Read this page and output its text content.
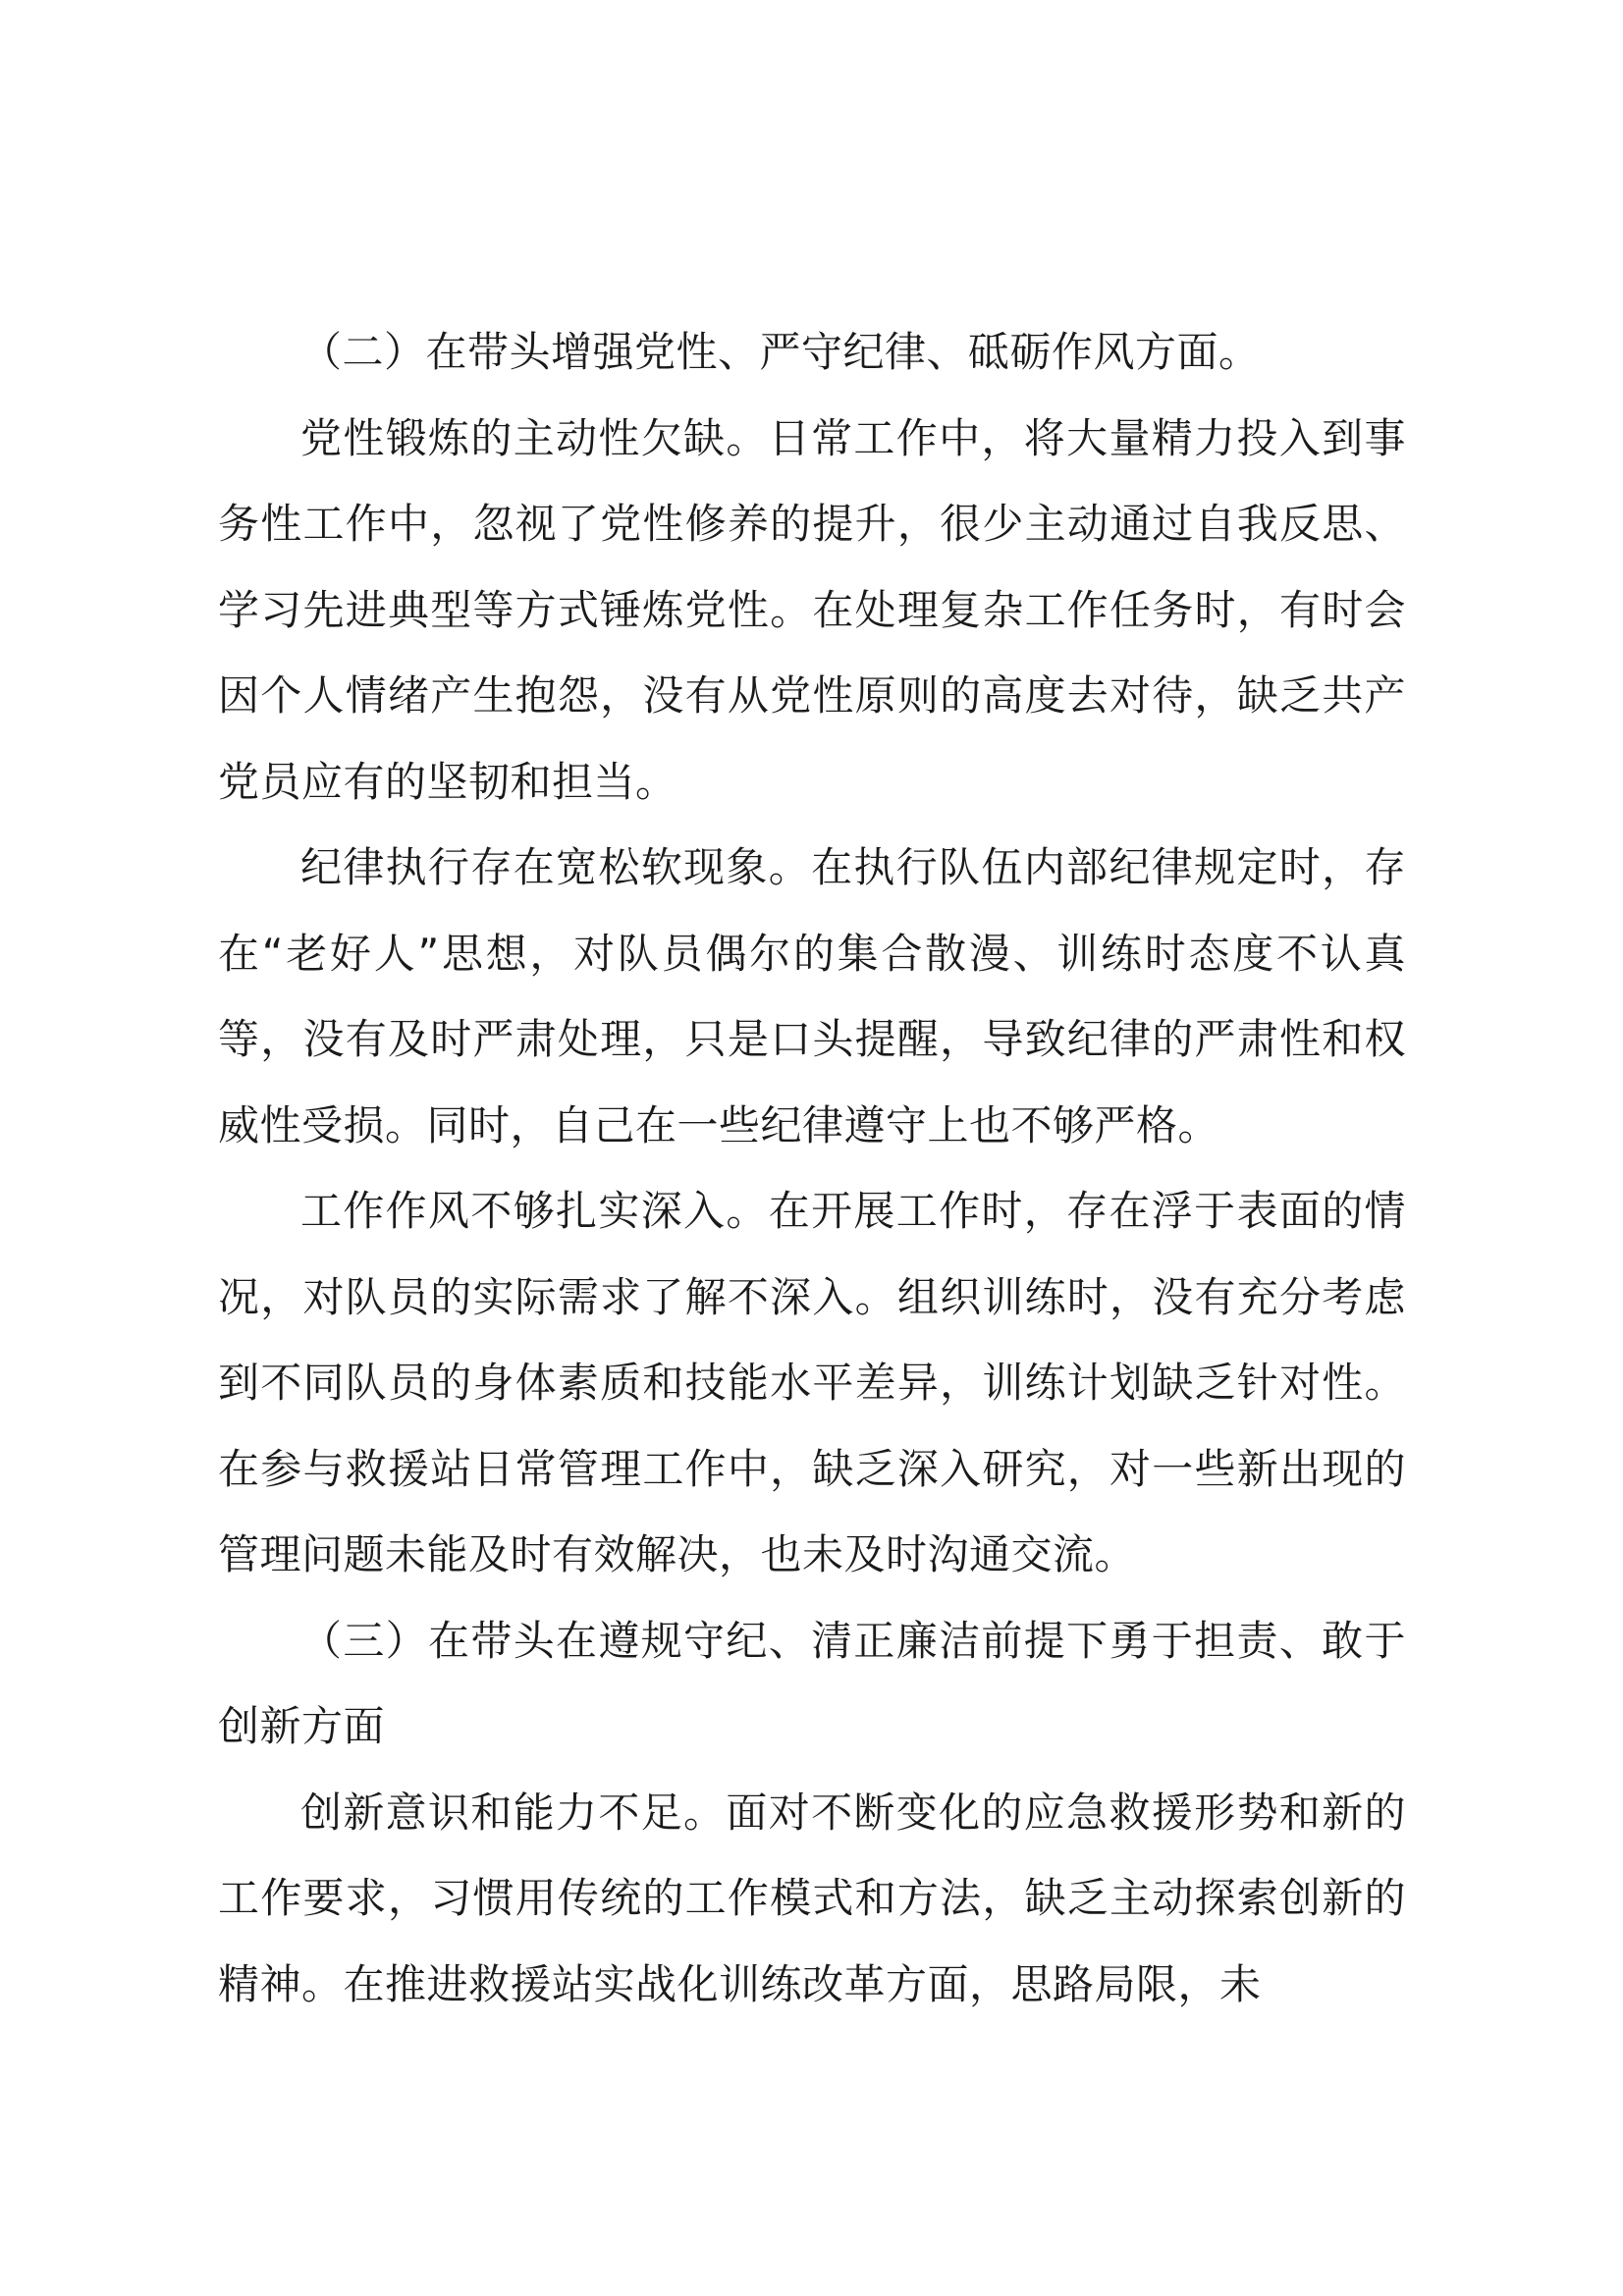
（二）在带头增强党性、严守纪律、砥砺作风方面。

党性锻炼的主动性欠缺。日常工作中，将大量精力投入到事务性工作中，忽视了党性修养的提升，很少主动通过自我反思、学习先进典型等方式锤炼党性。在处理复杂工作任务时，有时会因个人情绪产生抱怨，没有从党性原则的高度去对待，缺乏共产党员应有的坚韧和担当。

纪律执行存在宽松软现象。在执行队伍内部纪律规定时，存在“老好人”思想，对队员偶尔的集合散漫、训练时态度不认真等，没有及时严肃处理，只是口头提醒，导致纪律的严肃性和权威性受损。同时，自己在一些纪律遵守上也不够严格。

工作作风不够扎实深入。在开展工作时，存在浮于表面的情况，对队员的实际需求了解不深入。组织训练时，没有充分考虑到不同队员的身体素质和技能水平差异，训练计划缺乏针对性。在参与救援站日常管理工作中，缺乏深入研究，对一些新出现的管理问题未能及时有效解决，也未及时沟通交流。

（三）在带头在遵规守纪、清正廉洁前提下勇于担责、敢于创新方面

创新意识和能力不足。面对不断变化的应急救援形势和新的工作要求，习惯用传统的工作模式和方法，缺乏主动探索创新的精神。在推进救援站实战化训练改革方面，思路局限，未
